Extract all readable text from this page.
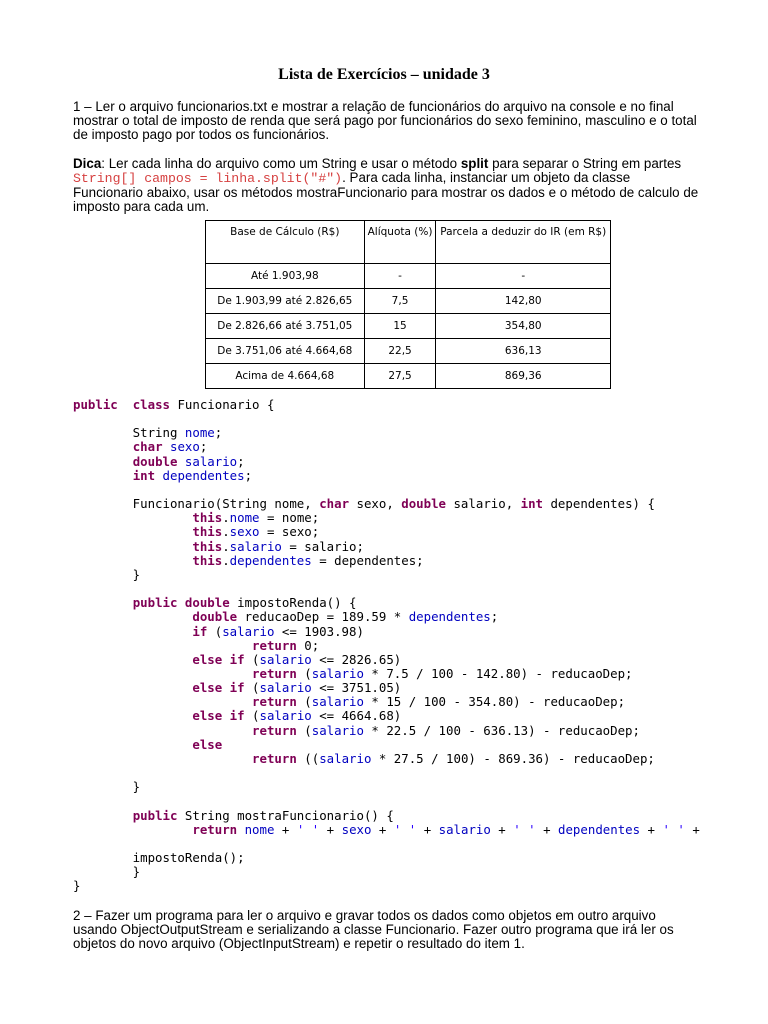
Lista de Exercícios – unidade 3
1 – Ler o arquivo funcionarios.txt e mostrar a relação de funcionários do arquivo na console e no final mostrar o total de imposto de renda que será pago por funcionários do sexo feminino, masculino e o total de imposto pago por todos os funcionários.
Dica: Ler cada linha do arquivo como um String e usar o método split para separar o String em partes String[] campos = linha.split("#"). Para cada linha, instanciar um objeto da classe Funcionario abaixo, usar os métodos mostraFuncionario para mostrar os dados e o método de calculo de imposto para cada um.
Base de Cálculo (R$)	Alíquota (%)	Parcela a deduzir do IR (em R$)
Até 1.903,98	-	-
De 1.903,99 até 2.826,65	7,5	142,80
De 2.826,66 até 3.751,05	15	354,80
De 3.751,06 até 4.664,68	22,5	636,13
Acima de 4.664,68	27,5	869,36
public class Funcionario {

String nome;
char sexo;
double salario;
int dependentes;

Funcionario(String nome, char sexo, double salario, int dependentes) {
this.nome = nome;
this.sexo = sexo;
this.salario = salario;
this.dependentes = dependentes;
}

public double impostoRenda() {
double reducaoDep = 189.59 * dependentes;
if (salario <= 1903.98)
return 0;
else if (salario <= 2826.65)
return (salario * 7.5 / 100 - 142.80) - reducaoDep;
else if (salario <= 3751.05)
return (salario * 15 / 100 - 354.80) - reducaoDep;
else if (salario <= 4664.68)
return (salario * 22.5 / 100 - 636.13) - reducaoDep;
else
return ((salario * 27.5 / 100) - 869.36) - reducaoDep;

}

public String mostraFuncionario() {
return nome + ' ' + sexo + ' ' + salario + ' ' + dependentes + ' ' +

impostoRenda();
}
}

2 – Fazer um programa para ler o arquivo e gravar todos os dados como objetos em outro arquivo usando ObjectOutputStream e serializando a classe Funcionario. Fazer outro programa que irá ler os objetos do novo arquivo (ObjectInputStream) e repetir o resultado do item 1.
